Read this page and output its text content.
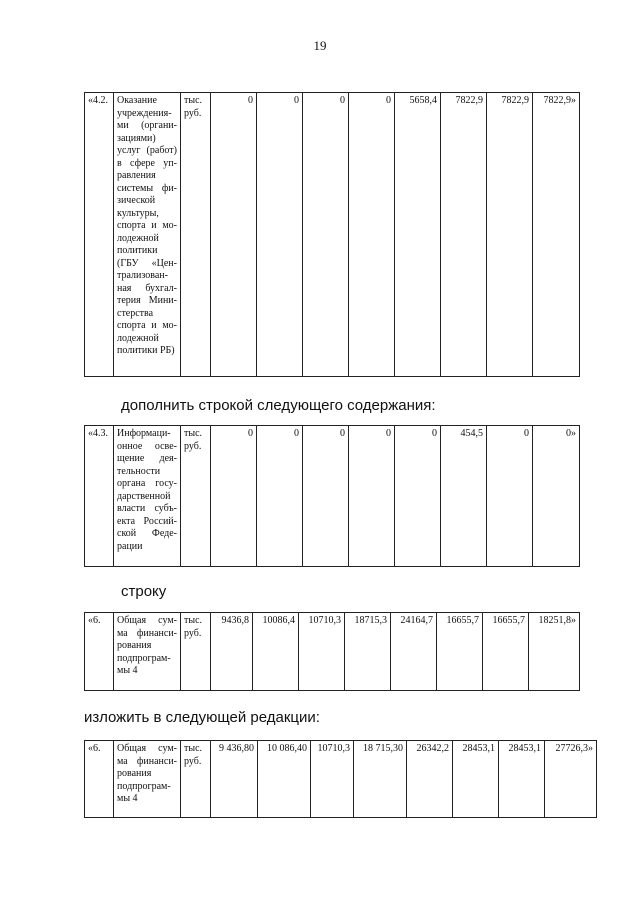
19
«4.2.	Оказание учреждения-ми (органи-зациями) услуг (работ) в сфере уп-равления системы фи-зической культуры, спорта и мо-лодежной политики (ГБУ «Цен-трализован-ная бухгал-терия Мини-стерства спорта и мо-лодежной политики РБ)	тыс. руб.	0	0	0	0	5658,4	7822,9	7822,9	7822,9»
дополнить строкой следующего содержания:
«4.3.	Информаци-онное осве-щение дея-тельности органа госу-дарственной власти субъ-екта Россий-ской Феде-рации	тыс. руб.	0	0	0	0	0	454,5	0	0»
строку
«6.	Общая сум-ма финанси-рования подпрограм-мы 4	тыс. руб.	9436,8	10086,4	10710,3	18715,3	24164,7	16655,7	16655,7	18251,8»
изложить в следующей редакции:
«6.	Общая сум-ма финанси-рования подпрограм-мы 4	тыс. руб.	9 436,80	10 086,40	10710,3	18 715,30	26342,2	28453,1	28453,1	27726,3»
